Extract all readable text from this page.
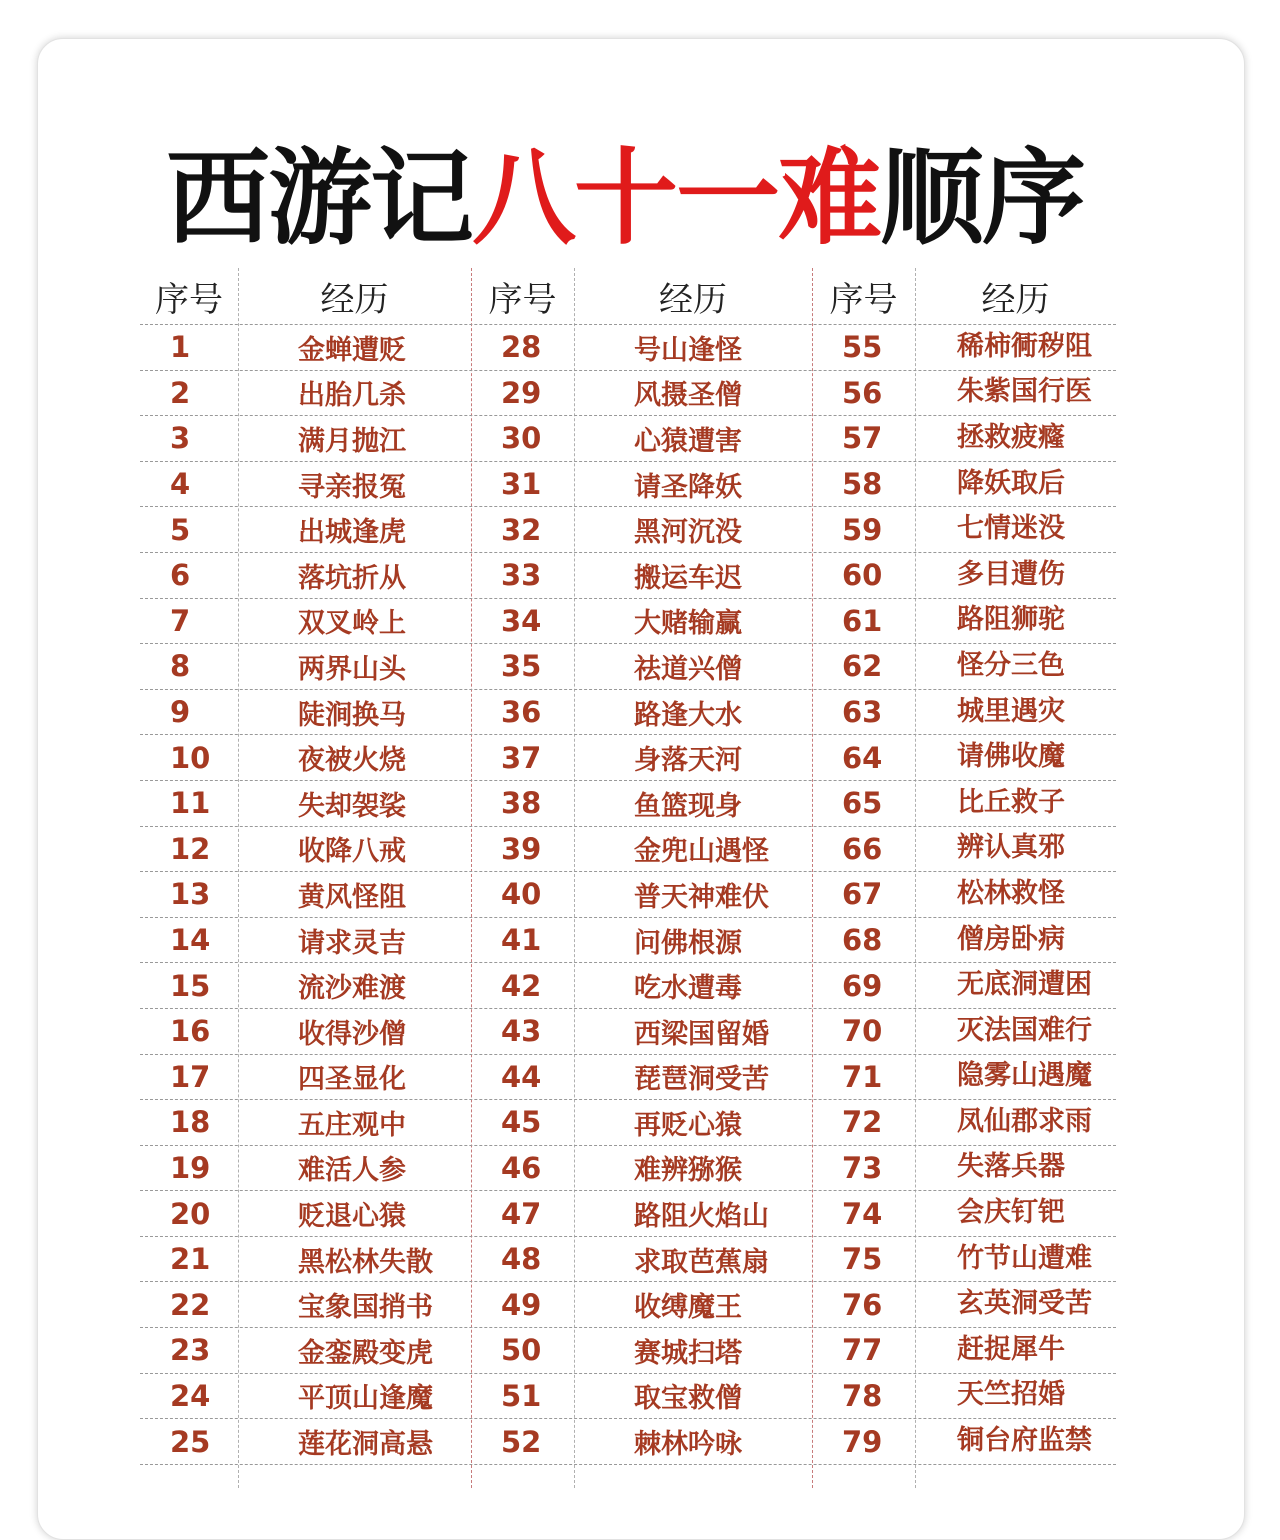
西游记八十一难顺序
序号	经历	序号	经历	序号	经历
1	金蝉遭贬	28	号山逢怪	55	稀柿衕秽阻
2	出胎几杀	29	风摄圣僧	56	朱紫国行医
3	满月抛江	30	心猿遭害	57	拯救疲癃
4	寻亲报冤	31	请圣降妖	58	降妖取后
5	出城逢虎	32	黑河沉没	59	七情迷没
6	落坑折从	33	搬运车迟	60	多目遭伤
7	双叉岭上	34	大赌输赢	61	路阻狮驼
8	两界山头	35	祛道兴僧	62	怪分三色
9	陡涧换马	36	路逢大水	63	城里遇灾
10	夜被火烧	37	身落天河	64	请佛收魔
11	失却袈裟	38	鱼篮现身	65	比丘救子
12	收降八戒	39	金兜山遇怪	66	辨认真邪
13	黄风怪阻	40	普天神难伏	67	松林救怪
14	请求灵吉	41	问佛根源	68	僧房卧病
15	流沙难渡	42	吃水遭毒	69	无底洞遭困
16	收得沙僧	43	西梁国留婚	70	灭法国难行
17	四圣显化	44	琵琶洞受苦	71	隐雾山遇魔
18	五庄观中	45	再贬心猿	72	凤仙郡求雨
19	难活人参	46	难辨猕猴	73	失落兵器
20	贬退心猿	47	路阻火焰山	74	会庆钉钯
21	黑松林失散	48	求取芭蕉扇	75	竹节山遭难
22	宝象国捎书	49	收缚魔王	76	玄英洞受苦
23	金銮殿变虎	50	赛城扫塔	77	赶捉犀牛
24	平顶山逢魔	51	取宝救僧	78	天竺招婚
25	莲花洞高悬	52	棘林吟咏	79	铜台府监禁
